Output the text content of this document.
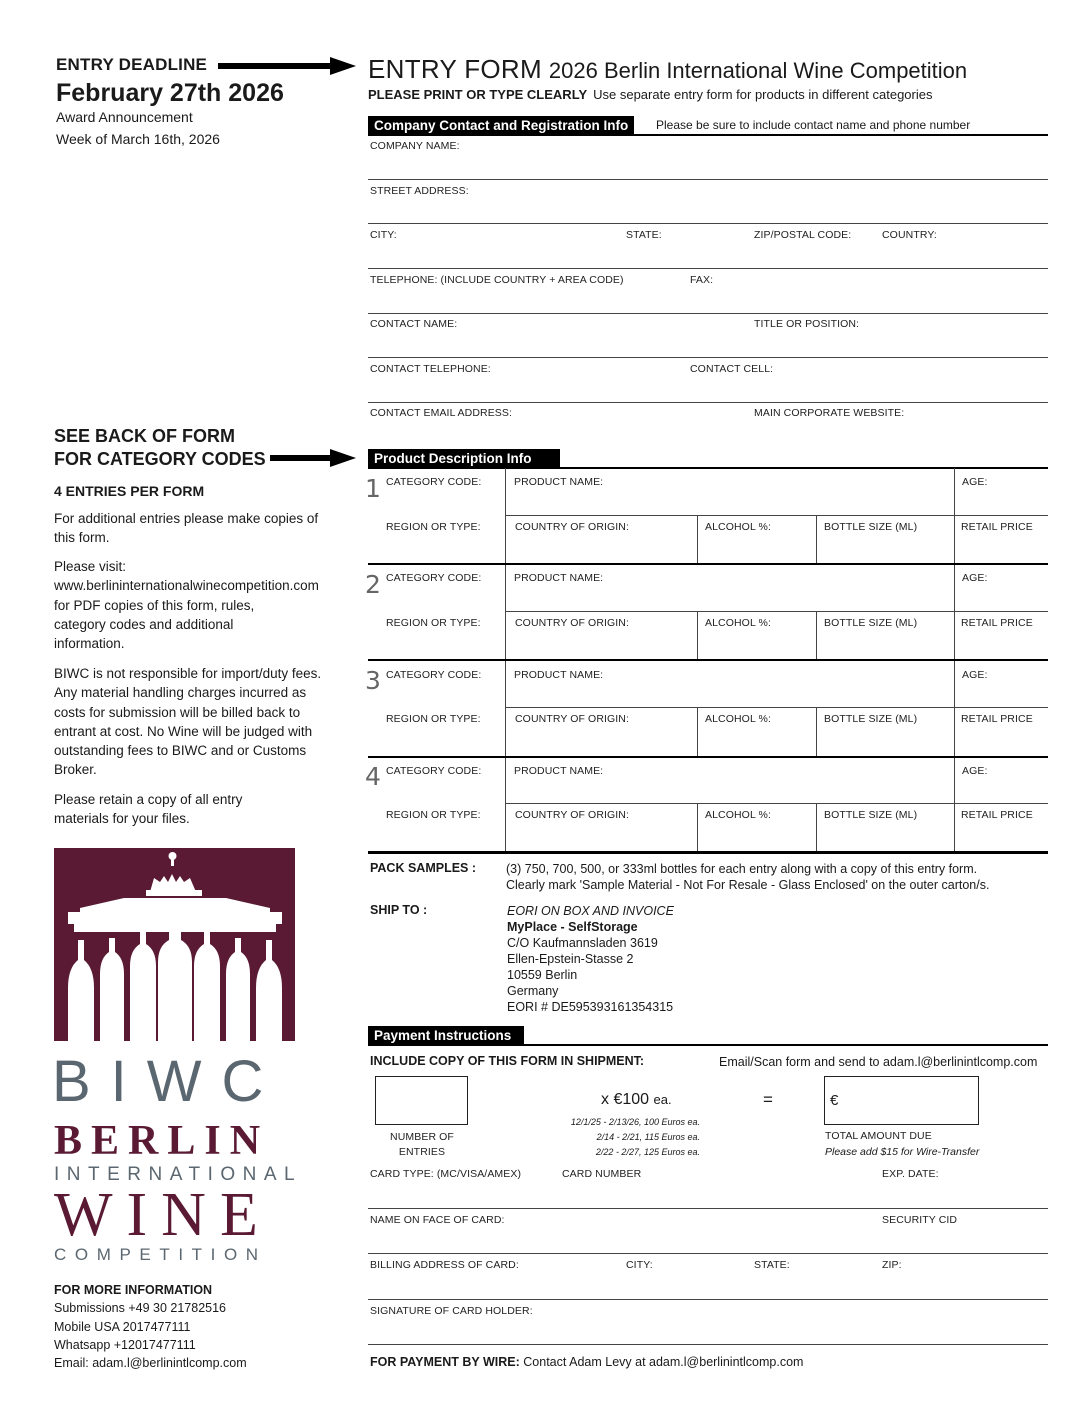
ENTRY DEADLINE
February 27th 2026
Award Announcement
Week of March 16th, 2026
SEE BACK OF FORM
FOR CATEGORY CODES
4 ENTRIES PER FORM
For additional entries please make copies of
this form.
Please visit:
www.berlininternationalwinecompetition.com
for PDF copies of this form, rules,
category codes and additional
information.
BIWC is not responsible for import/duty fees.
Any material handling charges incurred as
costs for submission will be billed back to
entrant at cost. No Wine will be judged with
outstanding fees to BIWC and or Customs
Broker.
Please retain a copy of all entry
materials for your files.
BIWC
BERLIN
INTERNATIONAL
WINE
COMPETITION
FOR MORE INFORMATION
Submissions +49 30 21782516
Mobile USA 2017477111
Whatsapp +12017477111
Email: adam.l@berlinintlcomp.com
ENTRY FORM 2026 Berlin International Wine Competition
PLEASE PRINT OR TYPE CLEARLY Use separate entry form for products in different categories
Company Contact and Registration Info	Please be sure to include contact name and phone number
COMPANY NAME:
STREET ADDRESS:
CITY:	STATE:	ZIP/POSTAL CODE:	COUNTRY:
TELEPHONE: (INCLUDE COUNTRY + AREA CODE)	FAX:
CONTACT NAME:	TITLE OR POSITION:
CONTACT TELEPHONE:	CONTACT CELL:
CONTACT EMAIL ADDRESS:	MAIN CORPORATE WEBSITE:
Product Description Info
1 CATEGORY CODE:	PRODUCT NAME:	AGE:
REGION OR TYPE:	COUNTRY OF ORIGIN:	ALCOHOL %:	BOTTLE SIZE (ML)	RETAIL PRICE
2 CATEGORY CODE:	PRODUCT NAME:	AGE:
REGION OR TYPE:	COUNTRY OF ORIGIN:	ALCOHOL %:	BOTTLE SIZE (ML)	RETAIL PRICE
3 CATEGORY CODE:	PRODUCT NAME:	AGE:
REGION OR TYPE:	COUNTRY OF ORIGIN:	ALCOHOL %:	BOTTLE SIZE (ML)	RETAIL PRICE
4 CATEGORY CODE:	PRODUCT NAME:	AGE:
REGION OR TYPE:	COUNTRY OF ORIGIN:	ALCOHOL %:	BOTTLE SIZE (ML)	RETAIL PRICE
PACK SAMPLES : (3) 750, 700, 500, or 333ml bottles for each entry along with a copy of this entry form.
Clearly mark 'Sample Material - Not For Resale - Glass Enclosed' on the outer carton/s.
SHIP TO :	EORI ON BOX AND INVOICE
MyPlace - SelfStorage
C/O Kaufmannsladen 3619
Ellen-Epstein-Stasse 2
10559 Berlin
Germany
EORI # DE595393161354315
Payment Instructions
INCLUDE COPY OF THIS FORM IN SHIPMENT:	Email/Scan form and send to adam.l@berlinintlcomp.com
x €100 ea.	=	€
12/1/25 - 2/13/26, 100 Euros ea.
2/14 - 2/21, 115 Euros ea.
2/22 - 2/27, 125 Euros ea.
NUMBER OF
ENTRIES
TOTAL AMOUNT DUE
Please add $15 for Wire-Transfer
CARD TYPE: (MC/VISA/AMEX)	CARD NUMBER	EXP. DATE:
NAME ON FACE OF CARD:	SECURITY CID
BILLING ADDRESS OF CARD:	CITY:	STATE:	ZIP:
SIGNATURE OF CARD HOLDER:
FOR PAYMENT BY WIRE: Contact Adam Levy at adam.l@berlinintlcomp.com
